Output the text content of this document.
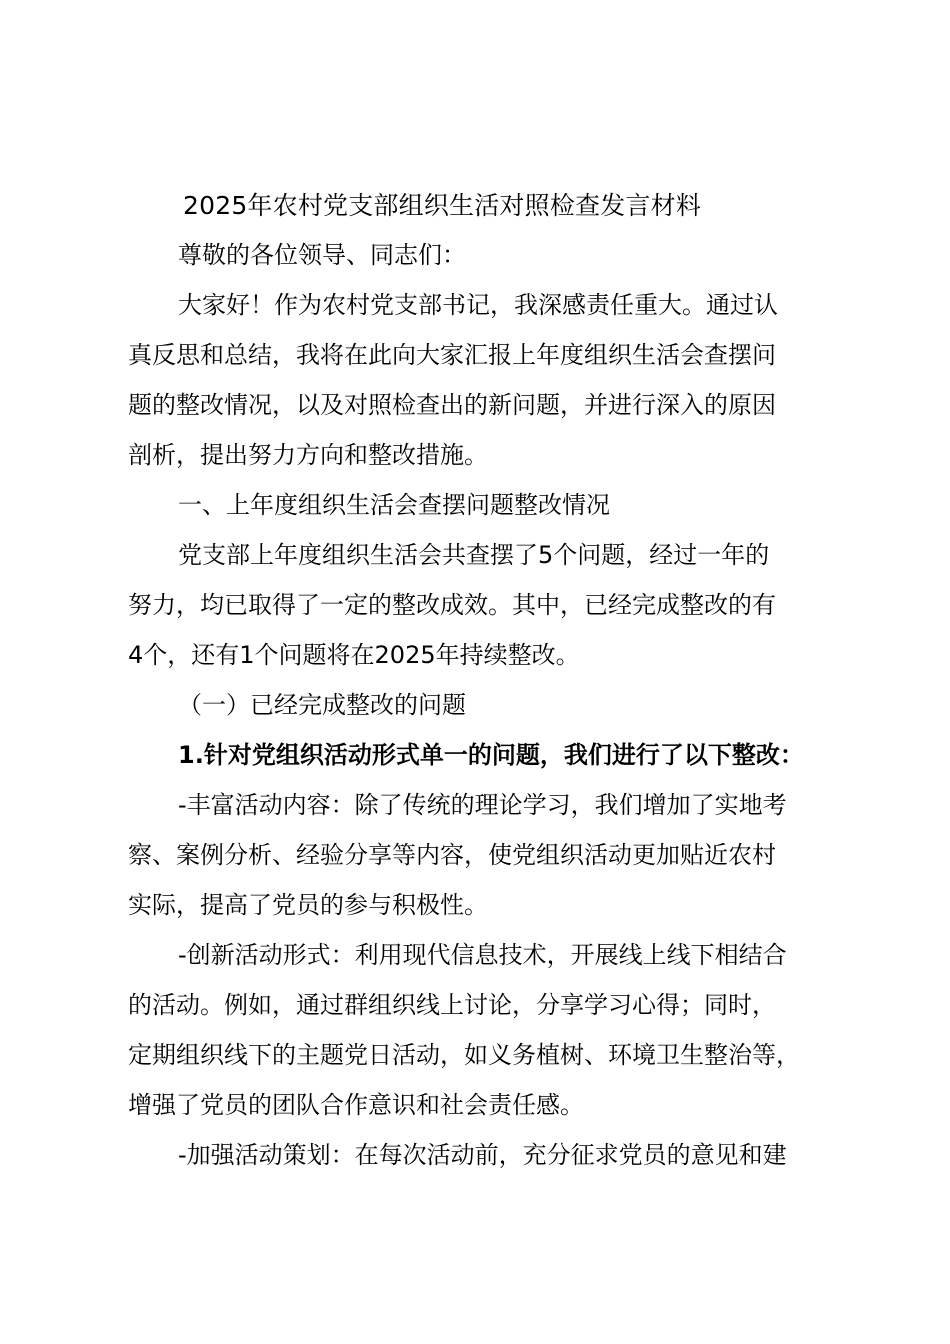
2025年农村党支部组织生活对照检查发言材料
尊敬的各位领导、同志们：
大家好！作为农村党支部书记，我深感责任重大。通过认
真反思和总结，我将在此向大家汇报上年度组织生活会查摆问
题的整改情况，以及对照检查出的新问题，并进行深入的原因
剖析，提出努力方向和整改措施。
一、上年度组织生活会查摆问题整改情况
党支部上年度组织生活会共查摆了5个问题，经过一年的
努力，均已取得了一定的整改成效。其中，已经完成整改的有
4个，还有1个问题将在2025年持续整改。
（一）已经完成整改的问题
1.针对党组织活动形式单一的问题，我们进行了以下整改：
-丰富活动内容：除了传统的理论学习，我们增加了实地考
察、案例分析、经验分享等内容，使党组织活动更加贴近农村
实际，提高了党员的参与积极性。
-创新活动形式：利用现代信息技术，开展线上线下相结合
的活动。例如，通过群组织线上讨论，分享学习心得；同时，
定期组织线下的主题党日活动，如义务植树、环境卫生整治等，
增强了党员的团队合作意识和社会责任感。
-加强活动策划：在每次活动前，充分征求党员的意见和建
